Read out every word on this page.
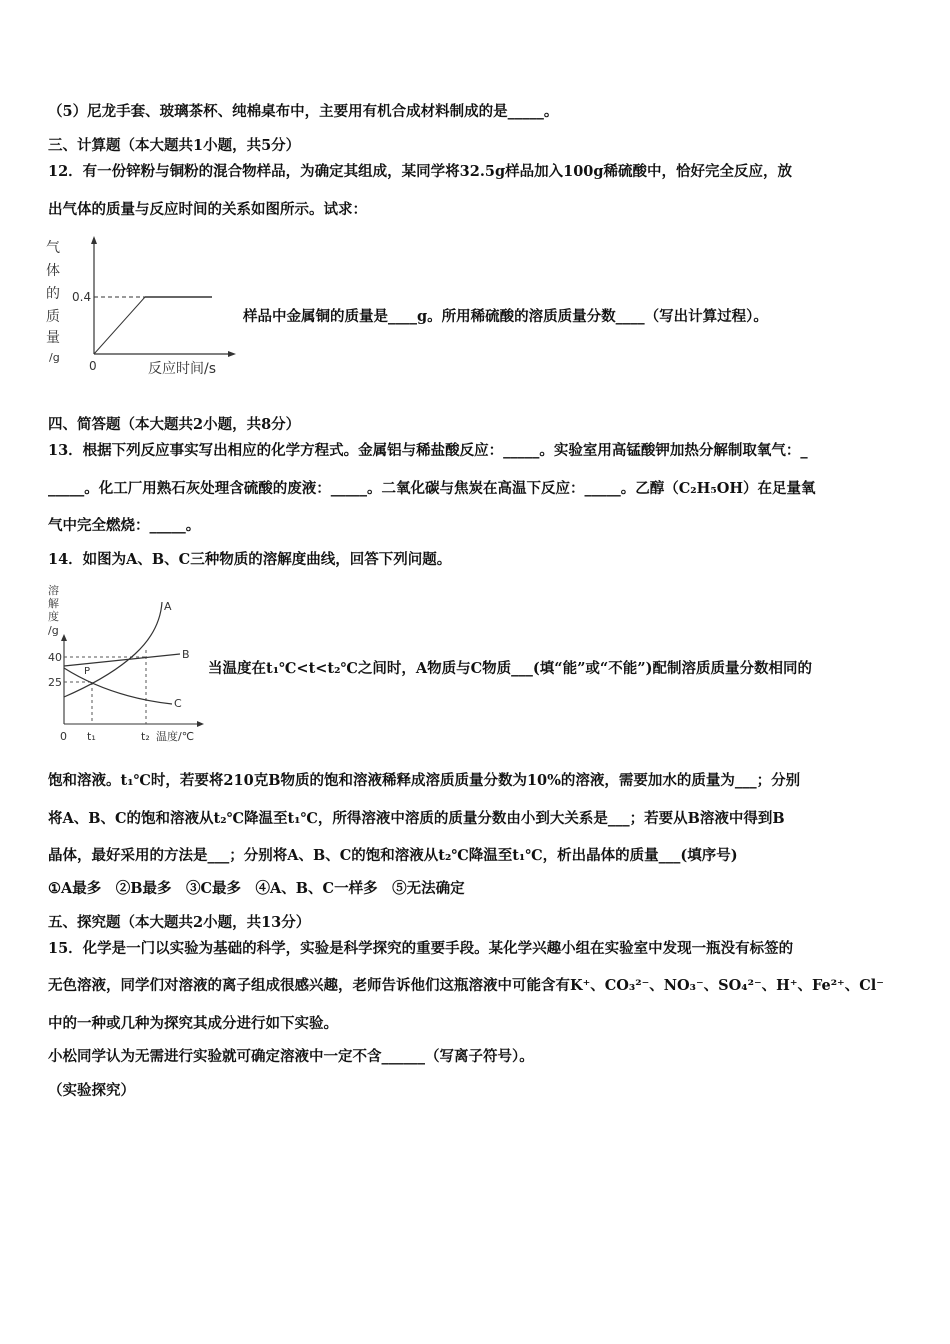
（5）尼龙手套、玻璃茶杯、纯棉桌布中，主要用有机合成材料制成的是_____。
三、计算题（本大题共1小题，共5分）
12．有一份锌粉与铜粉的混合物样品，为确定其组成，某同学将32.5g样品加入100g稀硫酸中，恰好完全反应，放
出气体的质量与反应时间的关系如图所示。试求：
气
体
的
质
量
/g
0.4
0	反应时间/s
样品中金属铜的质量是____g。所用稀硫酸的溶质质量分数____（写出计算过程）。
四、简答题（本大题共2小题，共8分）
13．根据下列反应事实写出相应的化学方程式。金属铝与稀盐酸反应：_____。实验室用高锰酸钾加热分解制取氧气：_
_____。化工厂用熟石灰处理含硫酸的废液：_____。二氧化碳与焦炭在高温下反应：_____。乙醇（C₂H₅OH）在足量氧
气中完全燃烧：_____。
14．如图为A、B、C三种物质的溶解度曲线，回答下列问题。
溶
解
度
/g
40
25
A
B
C
P
0 t₁	t₂ 温度/℃
当温度在t₁℃<t<t₂℃之间时，A物质与C物质___(填“能”或“不能”)配制溶质质量分数相同的
饱和溶液。t₁℃时，若要将210克B物质的饱和溶液稀释成溶质质量分数为10%的溶液，需要加水的质量为___；分别
将A、B、C的饱和溶液从t₂℃降温至t₁℃，所得溶液中溶质的质量分数由小到大关系是___；若要从B溶液中得到B
晶体，最好采用的方法是___；分别将A、B、C的饱和溶液从t₂℃降温至t₁℃，析出晶体的质量___(填序号)
①A最多　②B最多　③C最多　④A、B、C一样多　⑤无法确定
五、探究题（本大题共2小题，共13分）
15．化学是一门以实验为基础的科学，实验是科学探究的重要手段。某化学兴趣小组在实验室中发现一瓶没有标签的
无色溶液，同学们对溶液的离子组成很感兴趣，老师告诉他们这瓶溶液中可能含有K⁺、CO₃²⁻、NO₃⁻、SO₄²⁻、H⁺、Fe²⁺、Cl⁻
中的一种或几种为探究其成分进行如下实验。
小松同学认为无需进行实验就可确定溶液中一定不含______（写离子符号）。
（实验探究）
